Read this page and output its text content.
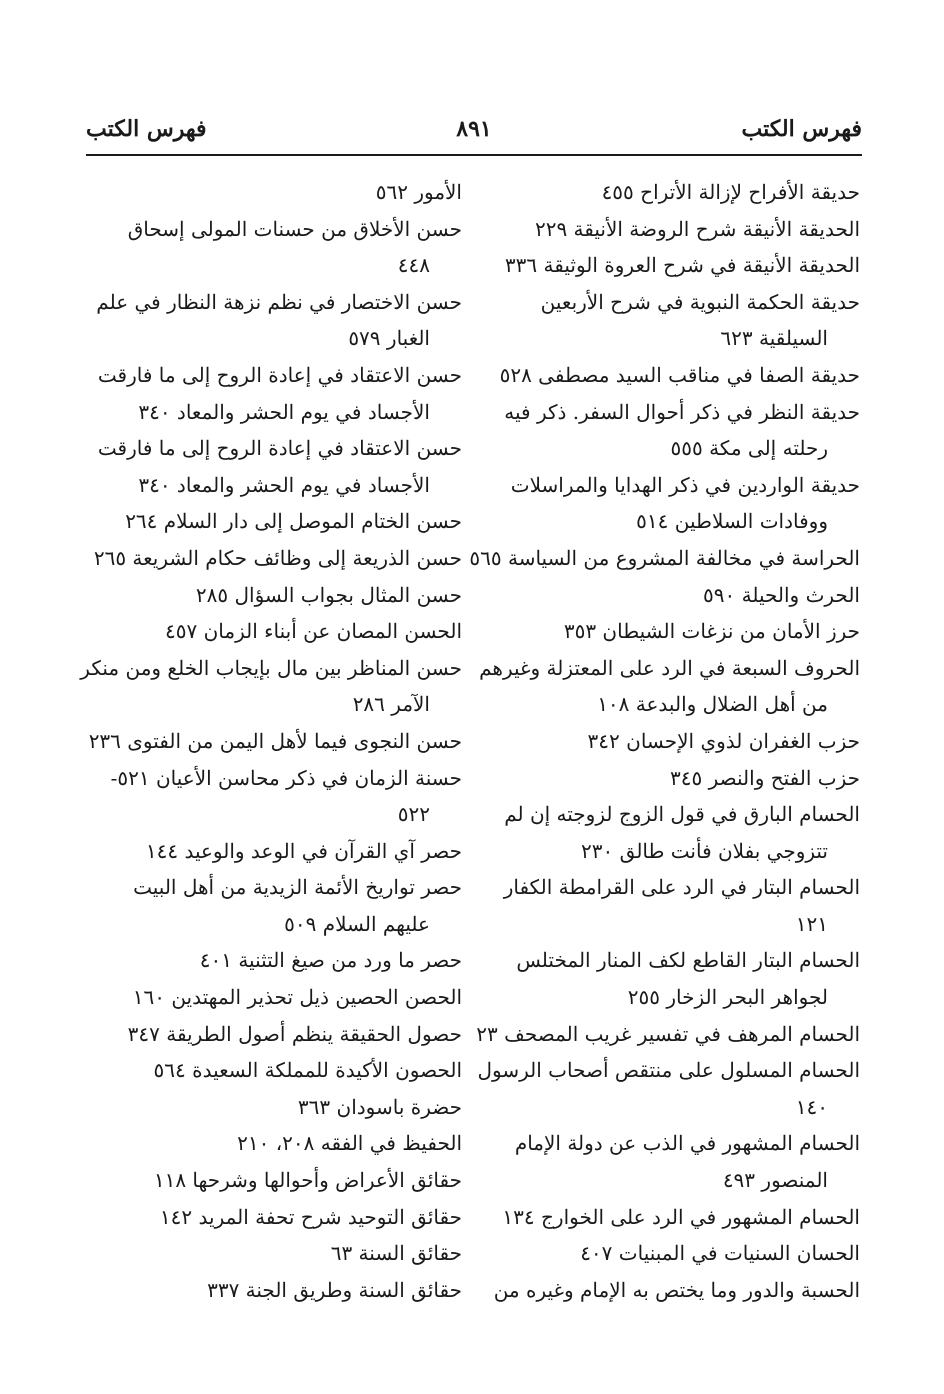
فهرس الكتب
٨٩١
فهرس الكتب
حديقة الأفراح لإزالة الأتراح ٤٥٥
الحديقة الأنيقة شرح الروضة الأنيقة ٢٢٩
الحديقة الأنيقة في شرح العروة الوثيقة ٣٣٦
حديقة الحكمة النبوية في شرح الأربعين
السيلقية ٦٢٣
حديقة الصفا في مناقب السيد مصطفى ٥٢٨
حديقة النظر في ذكر أحوال السفر. ذكر فيه
رحلته إلى مكة ٥٥٥
حديقة الواردين في ذكر الهدايا والمراسلات
ووفادات السلاطين ٥١٤
الحراسة في مخالفة المشروع من السياسة ٥٦٥
الحرث والحيلة ٥٩٠
حرز الأمان من نزغات الشيطان ٣٥٣
الحروف السبعة في الرد على المعتزلة وغيرهم
من أهل الضلال والبدعة ١٠٨
حزب الغفران لذوي الإحسان ٣٤٢
حزب الفتح والنصر ٣٤٥
الحسام البارق في قول الزوج لزوجته إن لم
تتزوجي بفلان فأنت طالق ٢٣٠
الحسام البتار في الرد على القرامطة الكفار
١٢١
الحسام البتار القاطع لكف المنار المختلس
لجواهر البحر الزخار ٢٥٥
الحسام المرهف في تفسير غريب المصحف ٢٣
الحسام المسلول على منتقص أصحاب الرسول
١٤٠
الحسام المشهور في الذب عن دولة الإمام
المنصور ٤٩٣
الحسام المشهور في الرد على الخوارج ١٣٤
الحسان السنيات في المبنيات ٤٠٧
الحسبة والدور وما يختص به الإمام وغيره من
الأمور ٥٦٢
حسن الأخلاق من حسنات المولى إسحاق
٤٤٨
حسن الاختصار في نظم نزهة النظار في علم
الغبار ٥٧٩
حسن الاعتقاد في إعادة الروح إلى ما فارقت
الأجساد في يوم الحشر والمعاد ٣٤٠
حسن الاعتقاد في إعادة الروح إلى ما فارقت
الأجساد في يوم الحشر والمعاد ٣٤٠
حسن الختام الموصل إلى دار السلام ٢٦٤
حسن الذريعة إلى وظائف حكام الشريعة ٢٦٥
حسن المثال بجواب السؤال ٢٨٥
الحسن المصان عن أبناء الزمان ٤٥٧
حسن المناظر بين مال بإيجاب الخلع ومن منكر
الآمر ٢٨٦
حسن النجوى فيما لأهل اليمن من الفتوى ٢٣٦
حسنة الزمان في ذكر محاسن الأعيان ٥٢١-
٥٢٢
حصر آي القرآن في الوعد والوعيد ١٤٤
حصر تواريخ الأئمة الزيدية من أهل البيت
عليهم السلام ٥٠٩
حصر ما ورد من صيغ التثنية ٤٠١
الحصن الحصين ذيل تحذير المهتدين ١٦٠
حصول الحقيقة ينظم أصول الطريقة ٣٤٧
الحصون الأكيدة للمملكة السعيدة ٥٦٤
حضرة باسودان ٣٦٣
الحفيظ في الفقه ٢٠٨، ٢١٠
حقائق الأعراض وأحوالها وشرحها ١١٨
حقائق التوحيد شرح تحفة المريد ١٤٢
حقائق السنة ٦٣
حقائق السنة وطريق الجنة ٣٣٧
